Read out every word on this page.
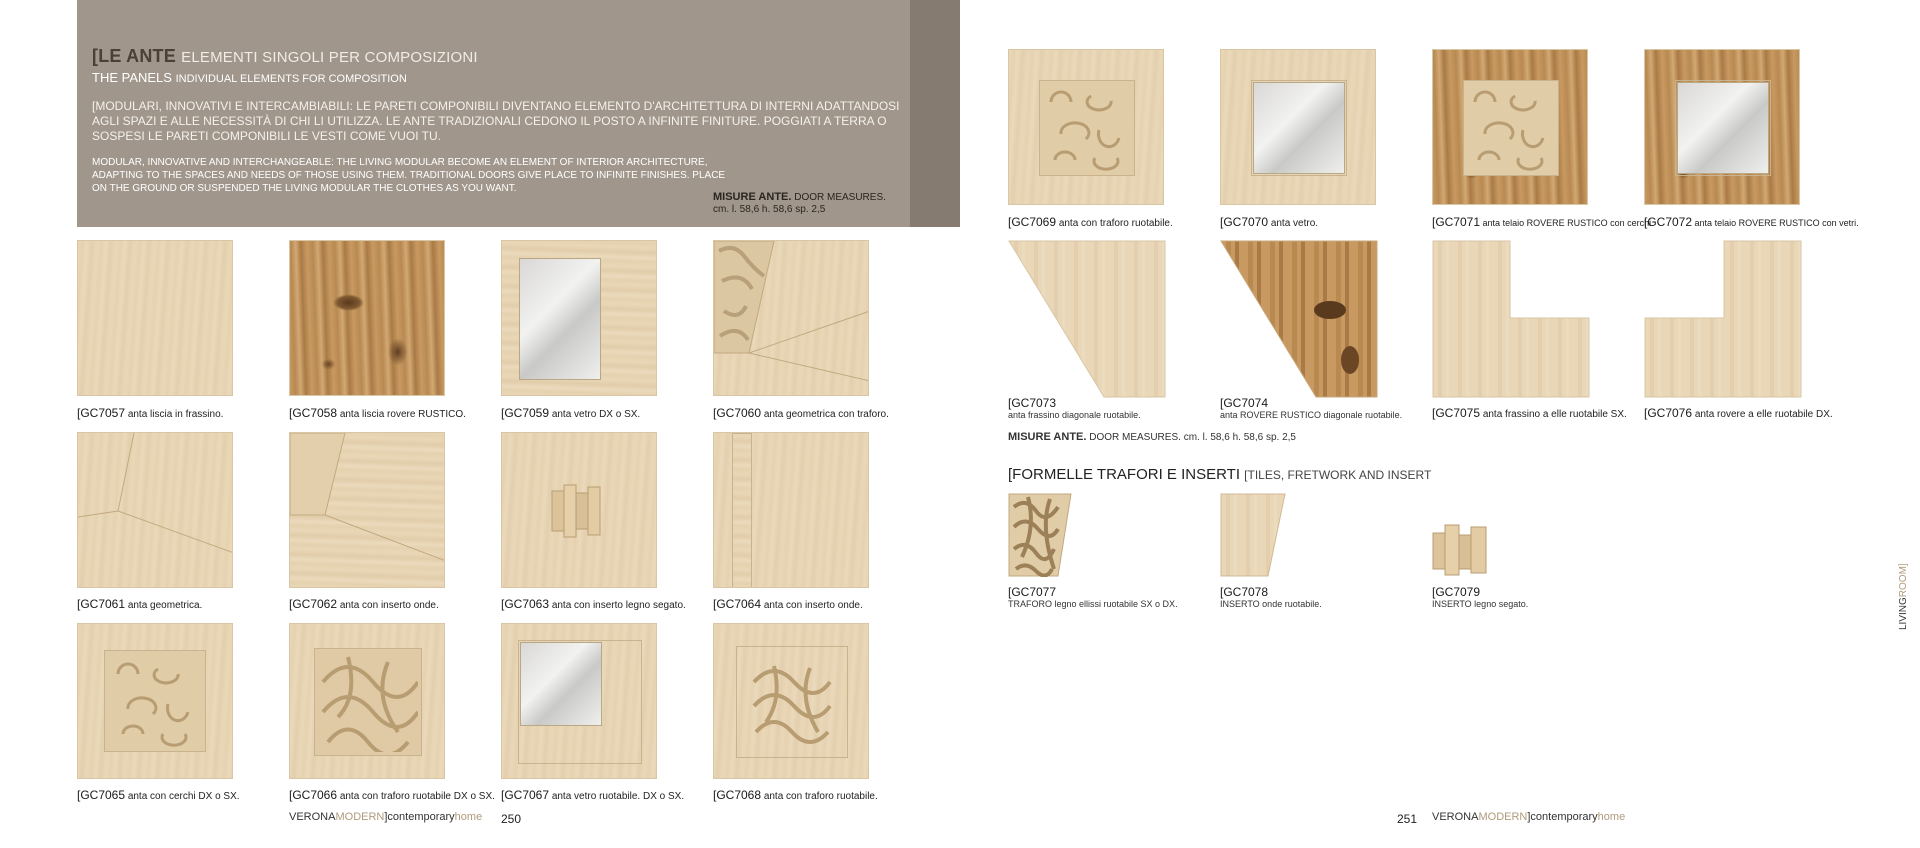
[LE ANTE ELEMENTI SINGOLI PER COMPOSIZIONI
THE PANELS INDIVIDUAL ELEMENTS FOR COMPOSITION
[MODULARI, INNOVATIVI E INTERCAMBIABILI: LE PARETI COMPONIBILI DIVENTANO ELEMENTO D'ARCHITETTURA DI INTERNI ADATTANDOSI AGLI SPAZI E ALLE NECESSITÀ DI CHI LI UTILIZZA. LE ANTE TRADIZIONALI CEDONO IL POSTO A INFINITE FINITURE. POGGIATI A TERRA O SOSPESI LE PARETI COMPONIBILI LE VESTI COME VUOI TU.
MODULAR, INNOVATIVE AND INTERCHANGEABLE: THE LIVING MODULAR BECOME AN ELEMENT OF INTERIOR ARCHITECTURE, ADAPTING TO THE SPACES AND NEEDS OF THOSE USING THEM. TRADITIONAL DOORS GIVE PLACE TO INFINITE FINISHES. PLACE ON THE GROUND OR SUSPENDED THE LIVING MODULAR THE CLOTHES AS YOU WANT.
MISURE ANTE. DOOR MEASURES.
cm. l. 58,6 h. 58,6 sp. 2,5
[GC7057 anta liscia in frassino.	[GC7058 anta liscia rovere RUSTICO.	[GC7059 anta vetro DX o SX.	[GC7060 anta geometrica con traforo.
[GC7061 anta geometrica.	[GC7062 anta con inserto onde.	[GC7063 anta con inserto legno segato. [GC7064 anta con inserto onde.
[GC7065 anta con cerchi DX o SX.	[GC7066 anta con traforo ruotabile DX o SX. [GC7067 anta vetro ruotabile. DX o SX. [GC7068 anta con traforo ruotabile.
VERONAMODERN]contemporaryhome 250
[GC7069 anta con traforo ruotabile.	[GC7070 anta vetro.	[GC7071 anta telaio ROVERE RUSTICO con cerchi.
[GC7072 anta telaio ROVERE RUSTICO con vetri.
[GC7073
anta frassino diagonale ruotabile.
[GC7074
anta ROVERE RUSTICO diagonale ruotabile. [GC7075 anta frassino a elle ruotabile SX. [GC7076 anta rovere a elle ruotabile DX.
MISURE ANTE. DOOR MEASURES. cm. l. 58,6 h. 58,6 sp. 2,5
[FORMELLE TRAFORI E INSERTI [TILES, FRETWORK AND INSERT
[GC7077
TRAFORO legno ellissi ruotabile SX o DX.
[GC7078
INSERTO onde ruotabile.
[GC7079
INSERTO legno segato.
251 VERONAMODERN]contemporaryhome
LIVINGROOM]
